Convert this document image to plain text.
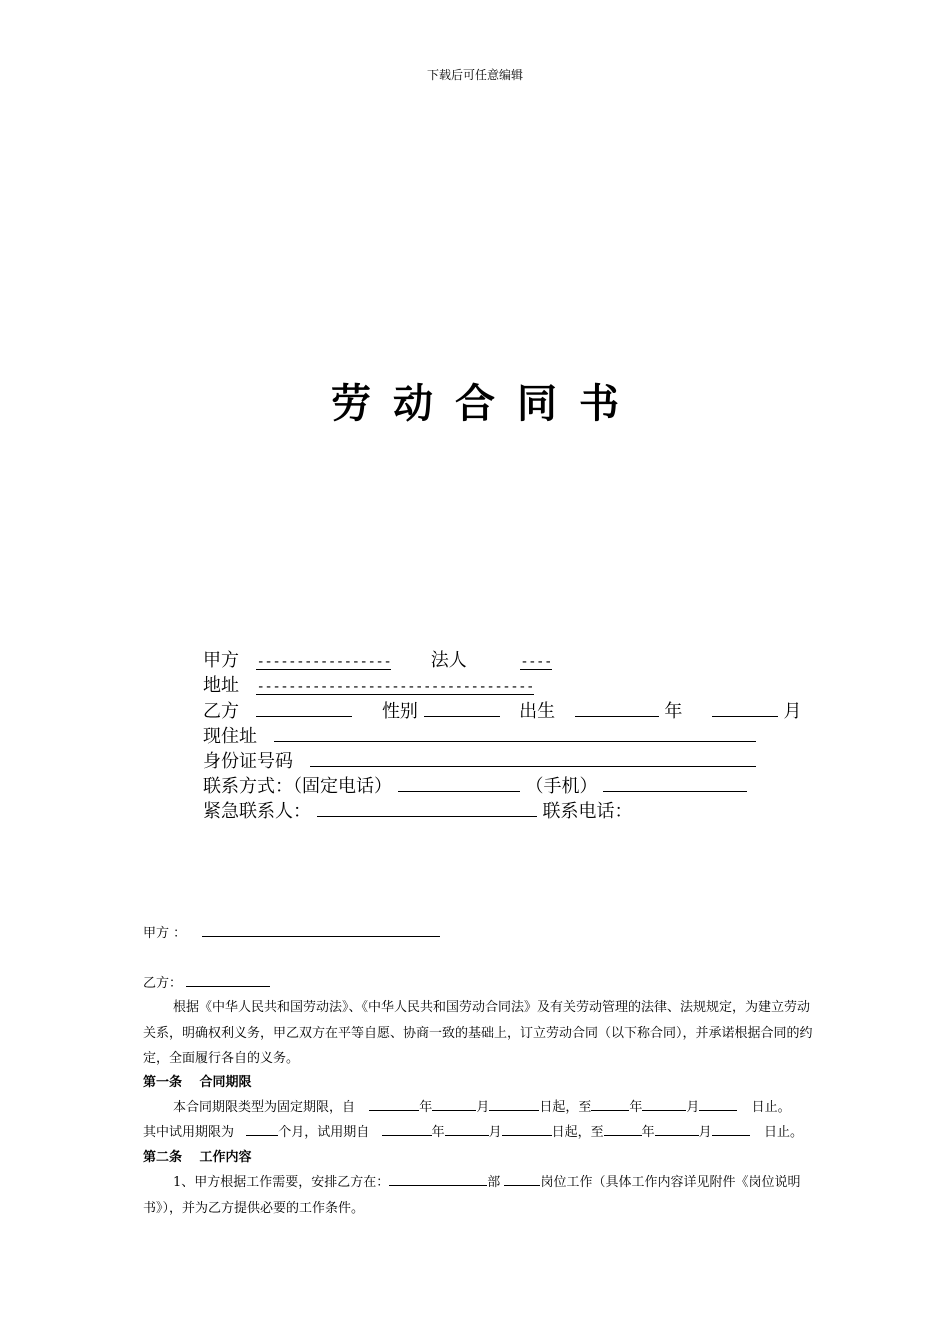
下载后可任意编辑
劳动合同书
甲方 ----------------- 法人	----
地址 -----------------------------------
乙方	性别	出生	年	月
现住址
身份证号码
联系方式：（固定电话）	（手机）
紧急联系人：	联系电话：
甲方 ：
乙方：
根据《中华人民共和国劳动法》、《中华人民共和国劳动合同法》及有关劳动管理的法律、法规规定，为建立劳动关系，明确权利义务，甲乙双方在平等自愿、协商一致的基础上，订立劳动合同（以下称合同），并承诺根据合同的约定，全面履行各自的义务。
第一条　 合同期限
本合同期限类型为固定期限，自	年	月	日起，至	年	月	日止。
其中试用期限为	个月，试用期自	年	月	日起，至	年	月	日止。
第二条　 工作内容
1、甲方根据工作需要，安排乙方在：	部	岗位工作（具体工作内容详见附件《岗位说明书》），并为乙方提供必要的工作条件。
